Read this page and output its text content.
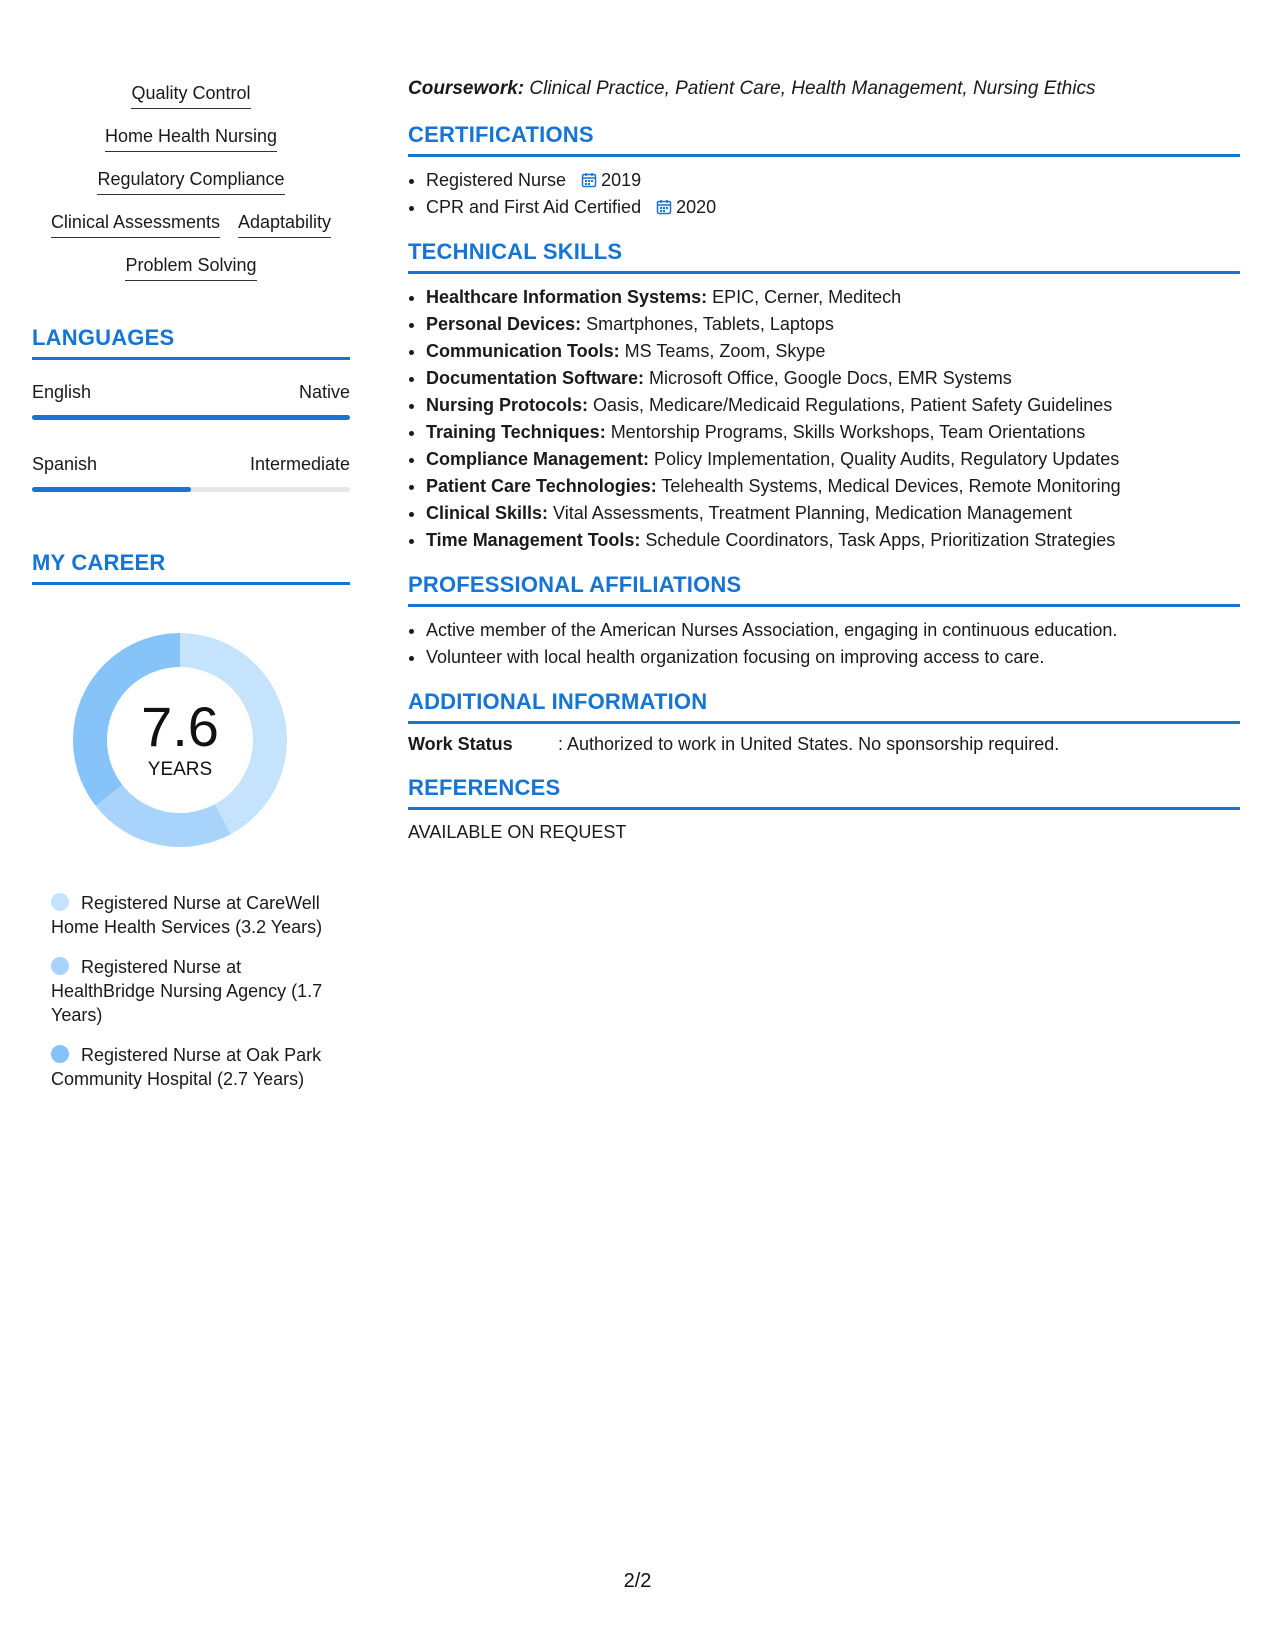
Quality Control
Home Health Nursing
Regulatory Compliance
Clinical Assessments Adaptability
Problem Solving
LANGUAGES
English	Native
Spanish	Intermediate
MY CAREER
7.6
YEARS
Registered Nurse at CareWell Home Health Services (3.2 Years)
Registered Nurse at HealthBridge Nursing Agency (1.7 Years)
Registered Nurse at Oak Park Community Hospital (2.7 Years)
Coursework: Clinical Practice, Patient Care, Health Management, Nursing Ethics
CERTIFICATIONS
• Registered Nurse 2019
• CPR and First Aid Certified 2020
TECHNICAL SKILLS
• Healthcare Information Systems: EPIC, Cerner, Meditech
• Personal Devices: Smartphones, Tablets, Laptops
• Communication Tools: MS Teams, Zoom, Skype
• Documentation Software: Microsoft Office, Google Docs, EMR Systems
• Nursing Protocols: Oasis, Medicare/Medicaid Regulations, Patient Safety Guidelines
• Training Techniques: Mentorship Programs, Skills Workshops, Team Orientations
• Compliance Management: Policy Implementation, Quality Audits, Regulatory Updates
• Patient Care Technologies: Telehealth Systems, Medical Devices, Remote Monitoring
• Clinical Skills: Vital Assessments, Treatment Planning, Medication Management
• Time Management Tools: Schedule Coordinators, Task Apps, Prioritization Strategies
PROFESSIONAL AFFILIATIONS
• Active member of the American Nurses Association, engaging in continuous education.
• Volunteer with local health organization focusing on improving access to care.
ADDITIONAL INFORMATION
Work Status	: Authorized to work in United States. No sponsorship required.
REFERENCES
AVAILABLE ON REQUEST
2/2
